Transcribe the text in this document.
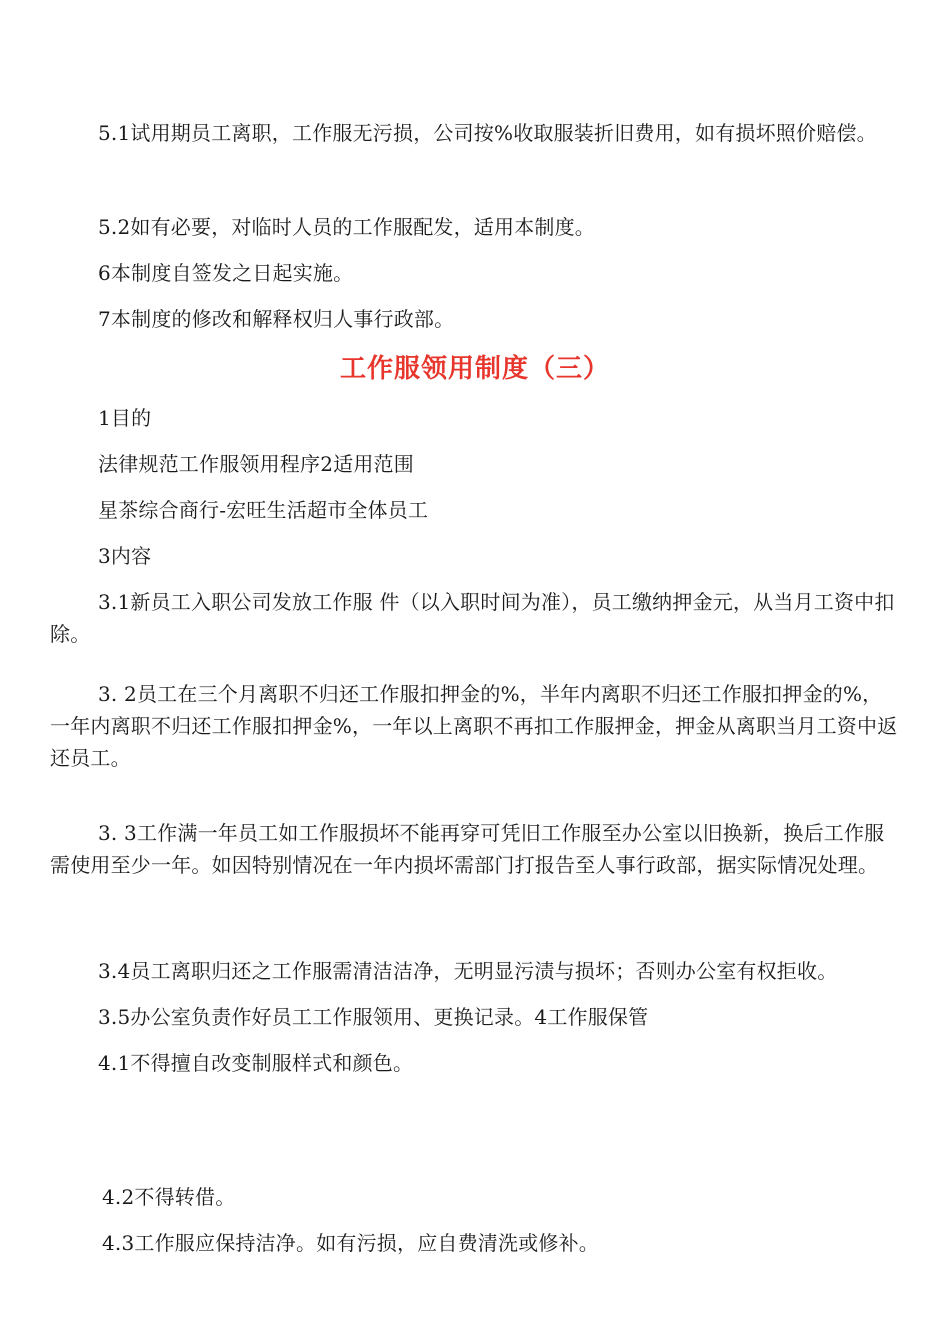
5.1试用期员工离职，工作服无污损，公司按%收取服装折旧费用，如有损坏照价赔偿。

5.2如有必要，对临时人员的工作服配发，适用本制度。

6本制度自签发之日起实施。

7本制度的修改和解释权归人事行政部。

工作服领用制度（三）

1目的

法律规范工作服领用程序2适用范围

星茶综合商行-宏旺生活超市全体员工

3内容

3.1新员工入职公司发放工作服 件（以入职时间为准），员工缴纳押金元，从当月工资中扣除。

3. 2员工在三个月离职不归还工作服扣押金的%，半年内离职不归还工作服扣押金的%，一年内离职不归还工作服扣押金%，一年以上离职不再扣工作服押金，押金从离职当月工资中返还员工。

3. 3工作满一年员工如工作服损坏不能再穿可凭旧工作服至办公室以旧换新，换后工作服需使用至少一年。如因特别情况在一年内损坏需部门打报告至人事行政部，据实际情况处理。

3.4员工离职归还之工作服需清洁洁净，无明显污渍与损坏；否则办公室有权拒收。

3.5办公室负责作好员工工作服领用、更换记录。4工作服保管

4.1不得擅自改变制服样式和颜色。

4.2不得转借。

4.3工作服应保持洁净。如有污损，应自费清洗或修补。
